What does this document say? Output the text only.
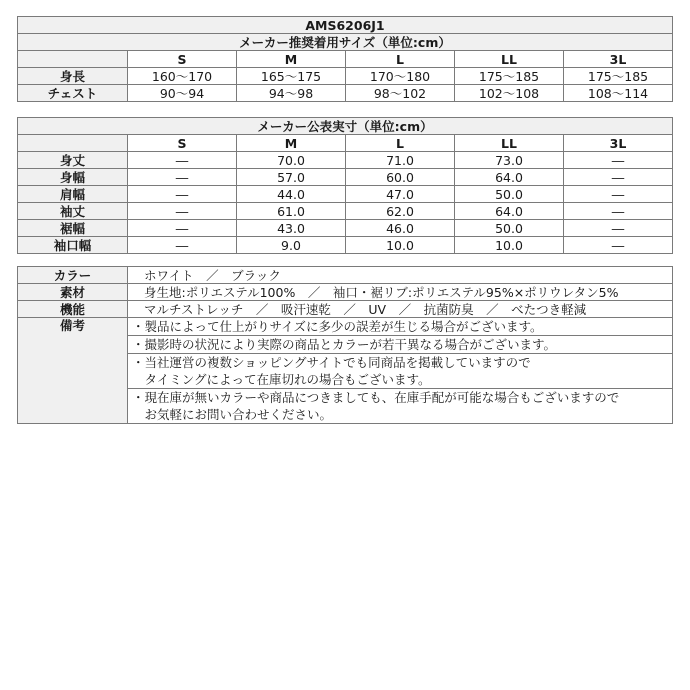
AMS6206J1					
メーカー推奨着用サイズ（単位:cm）					
	S	M	L	LL	3L
身長	160～170	165～175	170～180	175～185	175～185
チェスト	90～94	94～98	98～102	102～108	108～114
メーカー公表実寸（単位:cm）					
	S	M	L	LL	3L
身丈	―	70.0	71.0	73.0	―
身幅	―	57.0	60.0	64.0	―
肩幅	―	44.0	47.0	50.0	―
袖丈	―	61.0	62.0	64.0	―
裾幅	―	43.0	46.0	50.0	―
袖口幅	―	9.0	10.0	10.0	―
カラー	ホワイト　／　ブラック
素材	身生地:ポリエステル100%　／　袖口・裾リブ:ポリエステル95%×ポリウレタン5%
機能	マルチストレッチ　／　吸汗速乾　／　UV　／　抗菌防臭　／　べたつき軽減
備考	・製品によって仕上がりサイズに多少の誤差が生じる場合がございます。

	・撮影時の状況により実際の商品とカラーが若干異なる場合がございます。

	・当社運営の複数ショッピングサイトでも同商品を掲載していますので
　タイミングによって在庫切れの場合もございます。

	・現在庫が無いカラーや商品につきましても、在庫手配が可能な場合もございますので
　お気軽にお問い合わせください。
